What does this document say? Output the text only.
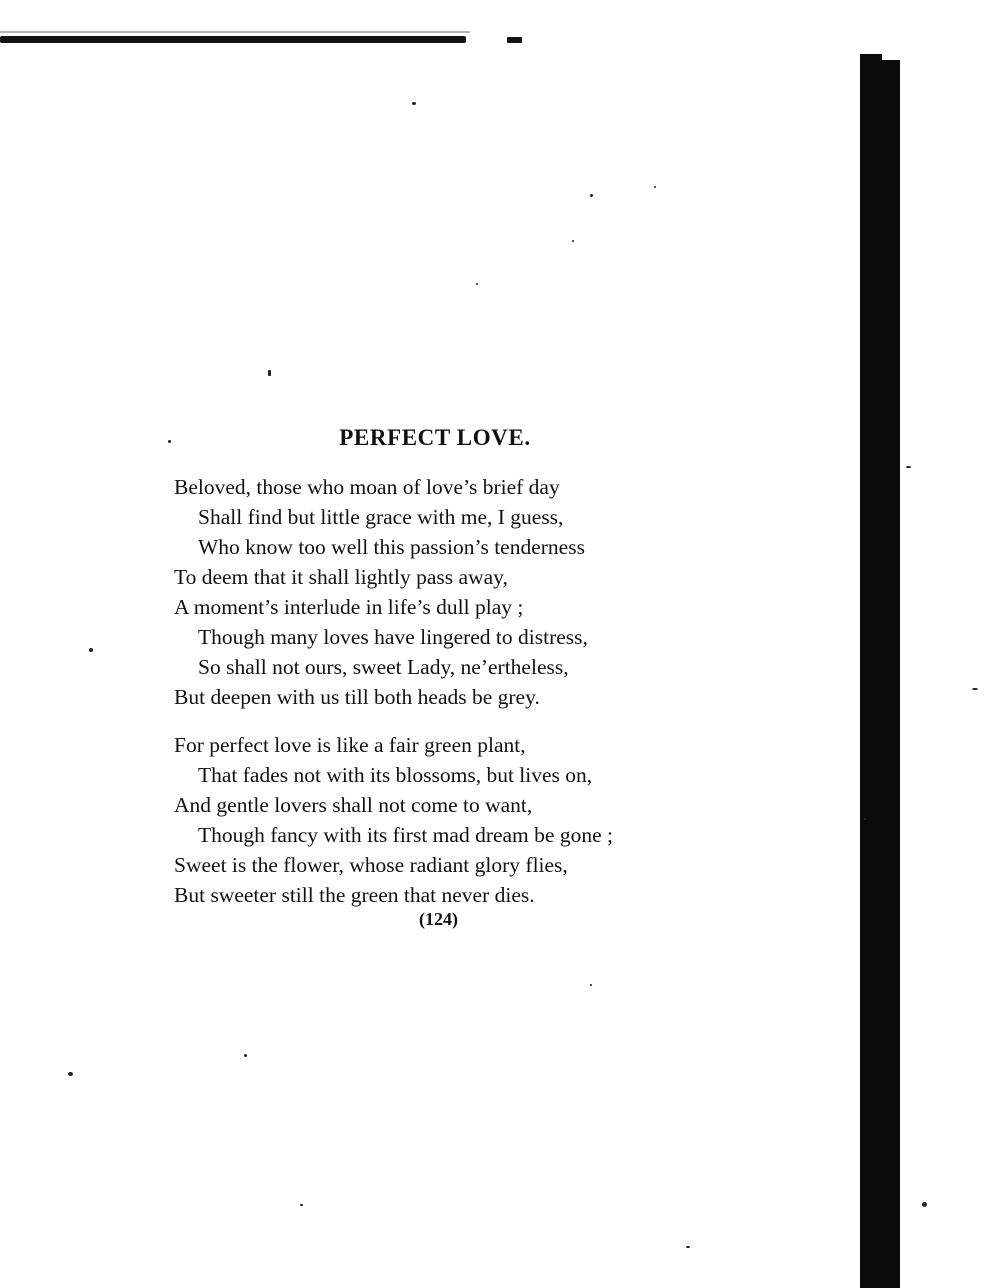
PERFECT LOVE.
Beloved, those who moan of love’s brief day
Shall find but little grace with me, I guess,
Who know too well this passion’s tenderness
To deem that it shall lightly pass away,
A moment’s interlude in life’s dull play ;
Though many loves have lingered to distress,
So shall not ours, sweet Lady, ne’ertheless,
But deepen with us till both heads be grey.
For perfect love is like a fair green plant,
That fades not with its blossoms, but lives on,
And gentle lovers shall not come to want,
Though fancy with its first mad dream be gone ;
Sweet is the flower, whose radiant glory flies,
But sweeter still the green that never dies.
(124)
